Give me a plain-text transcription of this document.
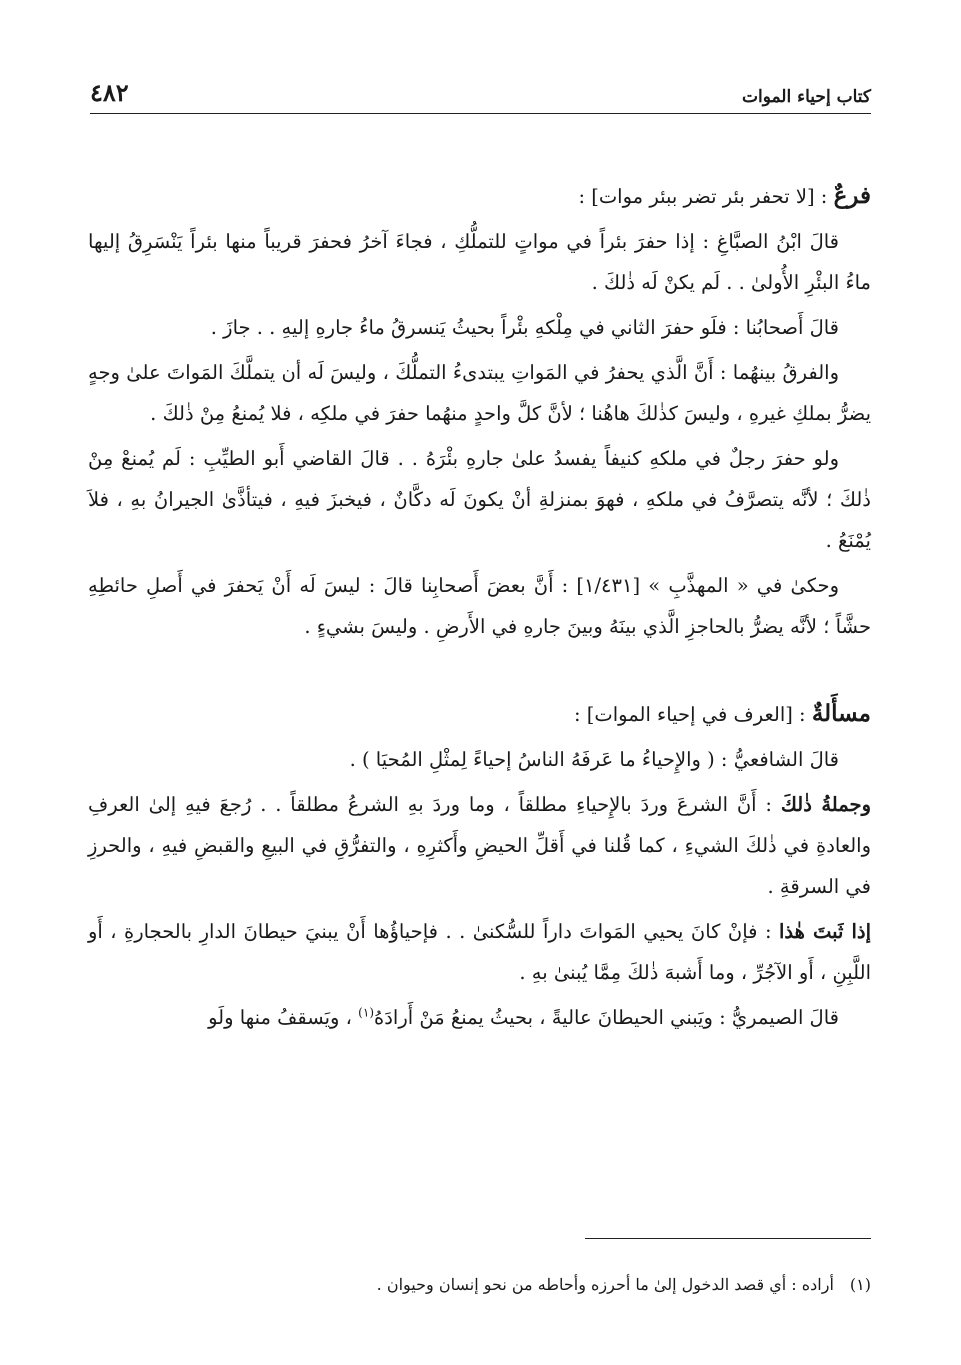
كتاب إحياء الموات
٤٨٢

فرعٌ : [لا تحفر بئر تضر ببئر موات] :

قالَ ابْنُ الصبَّاغِ : إذا حفرَ بئراً في مواتٍ للتملُّكِ ، فجاءَ آخرُ فحفرَ قريباً منها بئراً يَنْسَرِقُ إليها ماءُ البئْرِ الأُولىٰ . . لَم يكنْ لَه ذٰلكَ .

قالَ أَصحابُنا : فلَو حفرَ الثاني في مِلْكهِ بئْراً بحيثُ يَنسرقُ ماءُ جارهِ إليهِ . . جازَ .

والفرقُ بينهُما : أَنَّ الَّذي يحفرُ في المَواتِ يبتدىءُ التملُّكَ ، وليسَ لَه أن يتملَّكَ المَواتَ علىٰ وجهٍ يضرُّ بملكِ غيرهِ ، وليسَ كذٰلكَ هاهُنا ؛ لأنَّ كلَّ واحدٍ منهُما حفرَ في ملكِه ، فلا يُمنعُ مِنْ ذٰلكَ .

ولو حفرَ رجلٌ في ملكهِ كنيفاً يفسدُ علىٰ جارهِ بئْرَهُ . . قالَ القاضي أَبو الطيِّبِ : لَم يُمنعْ مِنْ ذٰلكَ ؛ لأنَّه يتصرَّفُ في ملكهِ ، فهوَ بمنزلةِ أنْ يكونَ لَه دكَّانٌ ، فيخبزَ فيهِ ، فيتأذَّىٰ الجيرانُ بهِ ، فلاَ يُمْنَعُ .

وحكىٰ في « المهذَّبِ » [١/٤٣١] : أَنَّ بعضَ أَصحابِنا قالَ : ليسَ لَه أَنْ يَحفرَ في أَصلِ حائطِهِ حشَّاً ؛ لأنَّه يضرُّ بالحاجزِ الَّذي بينَهُ وبينَ جارهِ في الأَرضِ . وليسَ بشيءٍ .

مسأَلةٌ : [العرف في إحياء الموات] :

قالَ الشافعيُّ : ( والإِحياءُ ما عَرفَهُ الناسُ إحياءً لِمثْلِ المُحيَا ) .

وجملةُ ذٰلكَ : أَنَّ الشرعَ وردَ بالإِحياءِ مطلقاً ، وما وردَ بهِ الشرعُ مطلقاً . . رُجعَ فيهِ إلىٰ العرفِ والعادةِ في ذٰلكَ الشيءِ ، كما قُلنا في أَقلِّ الحيضِ وأَكثرِهِ ، والتفرُّقِ في البيعِ والقبضِ فيهِ ، والحرزِ في السرقةِ .

إذا ثَبتَ هٰذا : فإنْ كانَ يحيي المَواتَ داراً للسُّكنىٰ . . فإحياؤُها أَنْ يبنيَ حيطانَ الدارِ بالحجارةِ ، أَو اللَّبِنِ ، أَو الآجُرِّ ، وما أَشبهَ ذٰلكَ مِمَّا يُبنىٰ بهِ .

قالَ الصيمريُّ : ويَبني الحيطانَ عاليةً ، بحيثُ يمنعُ مَنْ أَرادَهُ$^{(١)}$ ، ويَسقفُ منها ولَو

(١)أراده : أي قصد الدخول إلىٰ ما أحرزه وأحاطه من نحو إنسان وحيوان .
